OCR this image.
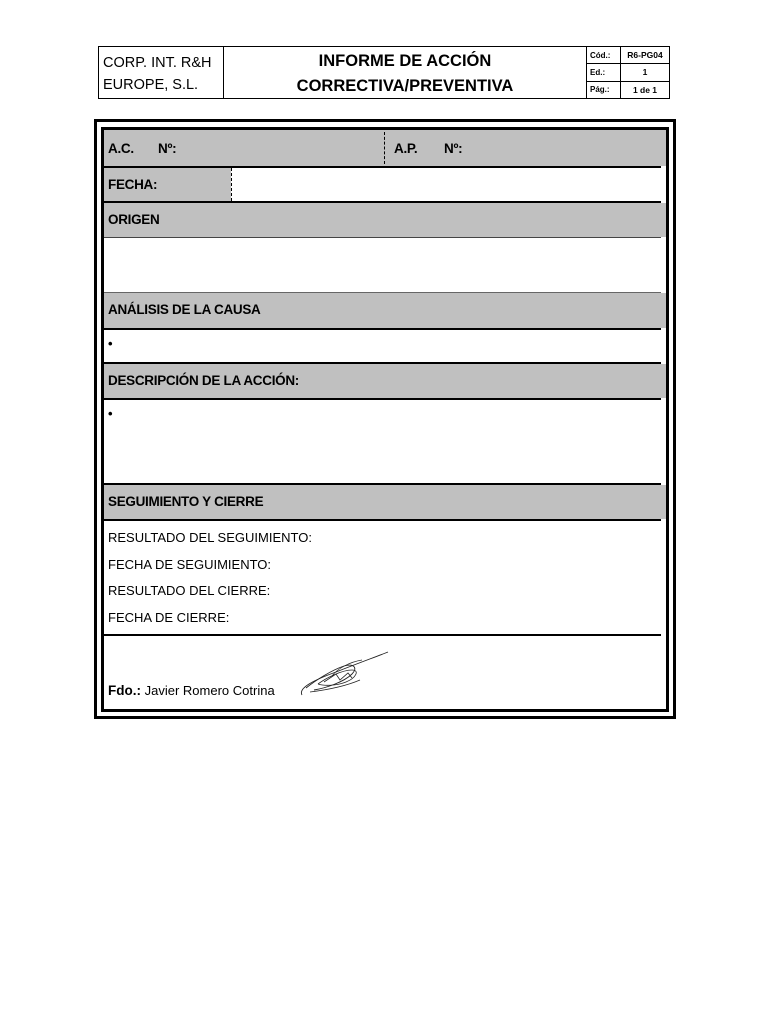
CORP. INT. R&H
EUROPE, S.L.
INFORME DE ACCIÓN
CORRECTIVA/PREVENTIVA
Cód.:	R6-PG04
Ed.:	1
Pág.:	1 de 1
A.C. Nº:	A.P. Nº:
FECHA:
ORIGEN
ANÁLISIS DE LA CAUSA
•
DESCRIPCIÓN DE LA ACCIÓN:
•
SEGUIMIENTO Y CIERRE
RESULTADO DEL SEGUIMIENTO:
FECHA DE SEGUIMIENTO:
RESULTADO DEL CIERRE:
FECHA DE CIERRE:
Fdo.: Javier Romero Cotrina
